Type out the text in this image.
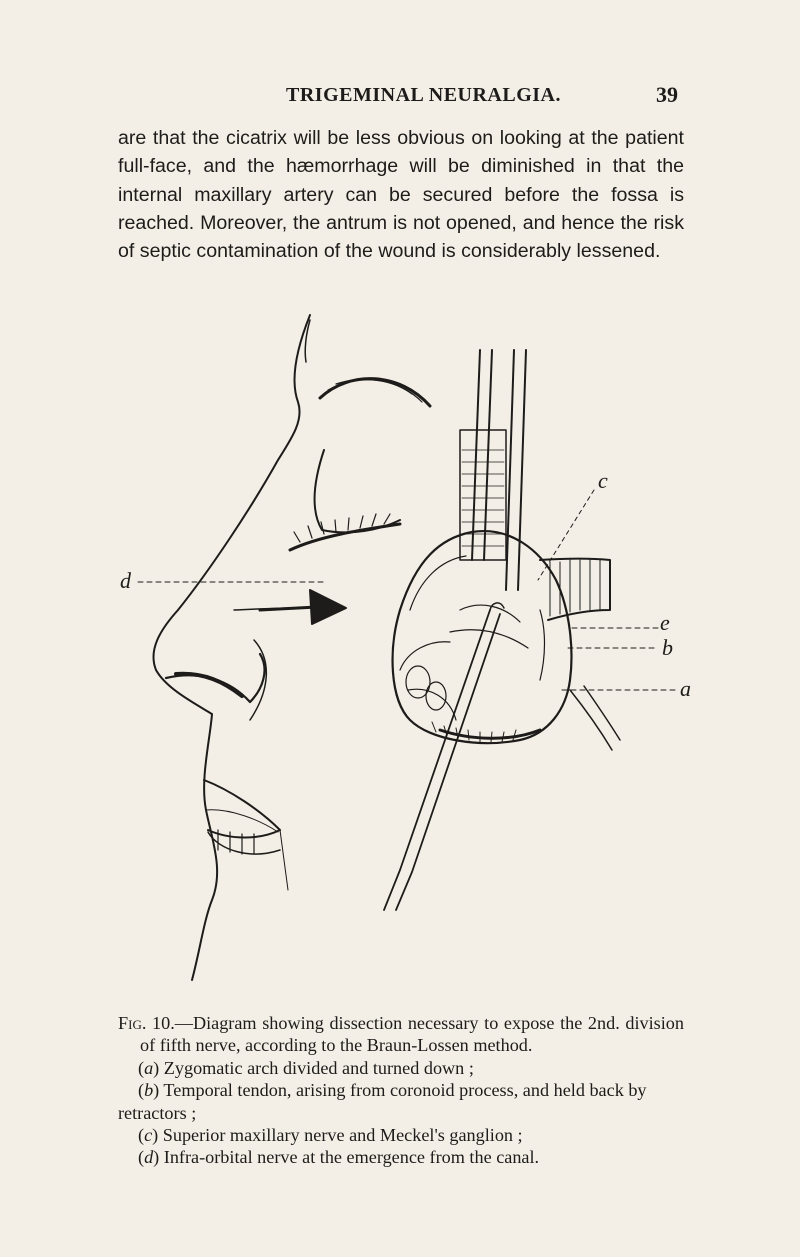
TRIGEMINAL NEURALGIA.	39

are that the cicatrix will be less obvious on looking at the patient full-face, and the hæmorrhage will be diminished in that the internal maxillary artery can be secured before the fossa is reached. Moreover, the antrum is not opened, and hence the risk of septic contamination of the wound is considerably lessened.

c
d
e
b
a

Fig. 10.—Diagram showing dissection necessary to expose the 2nd. division of fifth nerve, according to the Braun-Lossen method.

(a) Zygomatic arch divided and turned down ;

(b) Temporal tendon, arising from coronoid process, and held back by retractors ;

(c) Superior maxillary nerve and Meckel's ganglion ;

(d) Infra-orbital nerve at the emergence from the canal.
